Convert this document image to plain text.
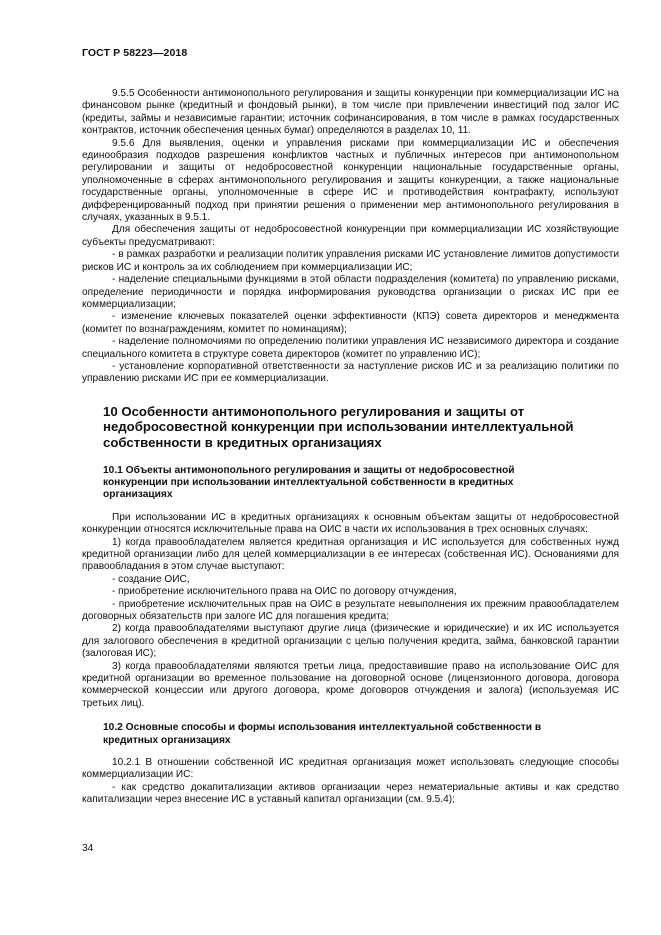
ГОСТ Р 58223—2018

9.5.5 Особенности антимонопольного регулирования и защиты конкуренции при коммерциализации ИС на финансовом рынке (кредитный и фондовый рынки), в том числе при привлечении инвестиций под залог ИС (кредиты, займы и независимые гарантии; источник софинансирования, в том числе в рамках государственных контрактов, источник обеспечения ценных бумаг) определяются в разделах 10, 11.

9.5.6 Для выявления, оценки и управления рисками при коммерциализации ИС и обеспечения единообразия подходов разрешения конфликтов частных и публичных интересов при антимонопольном регулировании и защиты от недобросовестной конкуренции национальные государственные органы, уполномоченные в сферах антимонопольного регулирования и защиты конкуренции, а также национальные государственные органы, уполномоченные в сфере ИС и противодействия контрафакту, используют дифференцированный подход при принятии решения о применении мер антимонопольного регулирования в случаях, указанных в 9.5.1.

Для обеспечения защиты от недобросовестной конкуренции при коммерциализации ИС хозяйствующие субъекты предусматривают:

- в рамках разработки и реализации политик управления рисками ИС установление лимитов допустимости рисков ИС и контроль за их соблюдением при коммерциализации ИС;

- наделение специальными функциями в этой области подразделения (комитета) по управлению рисками, определение периодичности и порядка информирования руководства организации о рисках ИС при ее коммерциализации;

- изменение ключевых показателей оценки эффективности (КПЭ) совета директоров и менеджмента (комитет по вознаграждениям, комитет по номинациям);

- наделение полномочиями по определению политики управления ИС независимого директора и создание специального комитета в структуре совета директоров (комитет по управлению ИС);

- установление корпоративной ответственности за наступление рисков ИС и за реализацию политики по управлению рисками ИС при ее коммерциализации.

10 Особенности антимонопольного регулирования и защиты от недобросовестной конкуренции при использовании интеллектуальной собственности в кредитных организациях
10.1 Объекты антимонопольного регулирования и защиты от недобросовестной конкуренции при использовании интеллектуальной собственности в кредитных организациях

При использовании ИС в кредитных организациях к основным объектам защиты от недобросовестной конкуренции относятся исключительные права на ОИС в части их использования в трех основных случаях:

1) когда правообладателем является кредитная организация и ИС используется для собственных нужд кредитной организации либо для целей коммерциализации в ее интересах (собственная ИС). Основаниями для правообладания в этом случае выступают:

- создание ОИС,

- приобретение исключительного права на ОИС по договору отчуждения,

- приобретение исключительных прав на ОИС в результате невыполнения их прежним правообладателем договорных обязательств при залоге ИС для погашения кредита;

2) когда правообладателями выступают другие лица (физические и юридические) и их ИС используется для залогового обеспечения в кредитной организации с целью получения кредита, займа, банковской гарантии (залоговая ИС);

3) когда правообладателями являются третьи лица, предоставившие право на использование ОИС для кредитной организации во временное пользование на договорной основе (лицензионного договора, договора коммерческой концессии или другого договора, кроме договоров отчуждения и залога) (используемая ИС третьих лиц).

10.2 Основные способы и формы использования интеллектуальной собственности в кредитных организациях

10.2.1 В отношении собственной ИС кредитная организация может использовать следующие способы коммерциализации ИС:

- как средство докапитализации активов организации через нематериальные активы и как средство капитализации через внесение ИС в уставный капитал организации (см. 9.5.4);

34
